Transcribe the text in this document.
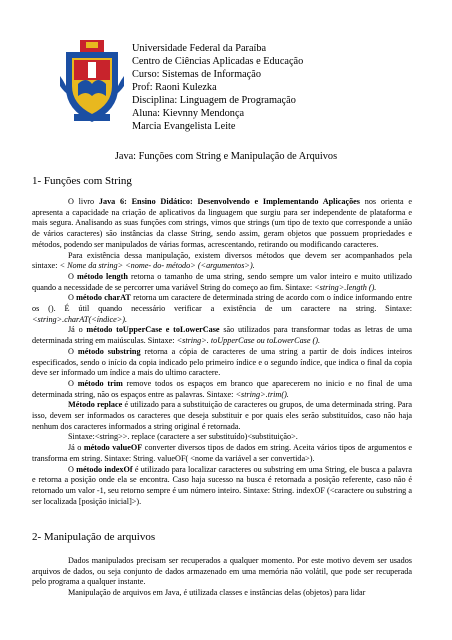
Universidade Federal da Paraíba
Centro de Ciências Aplicadas e Educação
Curso: Sistemas de Informação
Prof: Raoni Kulezka
Disciplina: Linguagem de Programação
Aluna: Kievnny Mendonça
Marcia Evangelista Leite
Java: Funções com String e Manipulação de Arquivos
1- Funções com String

O livro Java 6: Ensino Didático: Desenvolvendo e Implementando Aplicações nos orienta e apresenta a capacidade na criação de aplicativos da linguagem que surgiu para ser independente de plataforma e mais segura. Analisando as suas funções com strings, vimos que strings (um tipo de texto que corresponde a união de vários caracteres) são instâncias da classe String, sendo assim, geram objetos que possuem propriedades e métodos, podendo ser manipulados de várias formas, acrescentando, retirando ou modificando caracteres.

Para existência dessa manipulação, existem diversos métodos que devem ser acompanhados pela sintaxe: < Nome da string> <nome- do- método> (<argumentos>).

O método length retorna o tamanho de uma string, sendo sempre um valor inteiro e muito utilizado quando a necessidade de se percorrer uma variável String do começo ao fim. Sintaxe: <string>.length ().

O método charAT retorna um caractere de determinada string de acordo com o índice informando entre os (). É útil quando necessário verificar a existência de um caractere na string. Sintaxe: <string>.charAT(<índice>).

Já o método toUpperCase e toLowerCase são utilizados para transformar todas as letras de uma determinada string em maiúsculas. Sintaxe: <string>. toUpperCase ou toLowerCase ().

O método substring retorna a cópia de caracteres de uma string a partir de dois índices inteiros especificados, sendo o início da copia indicado pelo primeiro índice e o segundo índice, que indica o final da copia deve ser informado um índice a mais do ultimo caractere.

O método trim remove todos os espaços em branco que aparecerem no inicio e no final de uma determinada string, não os espaços entre as palavras. Sintaxe: <string>.trim().

Método replace é utilizado para a substituição de caracteres ou grupos, de uma determinada string. Para isso, devem ser informados os caracteres que deseja substituir e por quais eles serão substituídos, caso não haja nenhum dos caracteres informados a string original é retornada.

Sintaxe:<string>>. replace (caractere a ser substituído)<substituição>.

Já o método valueOF converter diversos tipos de dados em string. Aceita vários tipos de argumentos e transforma em string. Sintaxe: String. valueOF( <nome da variável a ser convertida>).

O método indexOf é utilizado para localizar caracteres ou substring em uma String, ele busca a palavra e retorna a posição onde ela se encontra. Caso haja sucesso na busca é retornada a posição referente, caso não é retornado um valor -1, seu retorno sempre é um número inteiro. Sintaxe: String. indexOF (<caractere ou substring a ser localizada [posição inicial]>).

2- Manipulação de arquivos

Dados manipulados precisam ser recuperados a qualquer momento. Por este motivo devem ser usados arquivos de dados, ou seja conjunto de dados armazenado em uma memória não volátil, que pode ser recuperada pelo programa a qualquer instante.

Manipulação de arquivos em Java, é utilizada classes e instâncias delas (objetos) para lidar
